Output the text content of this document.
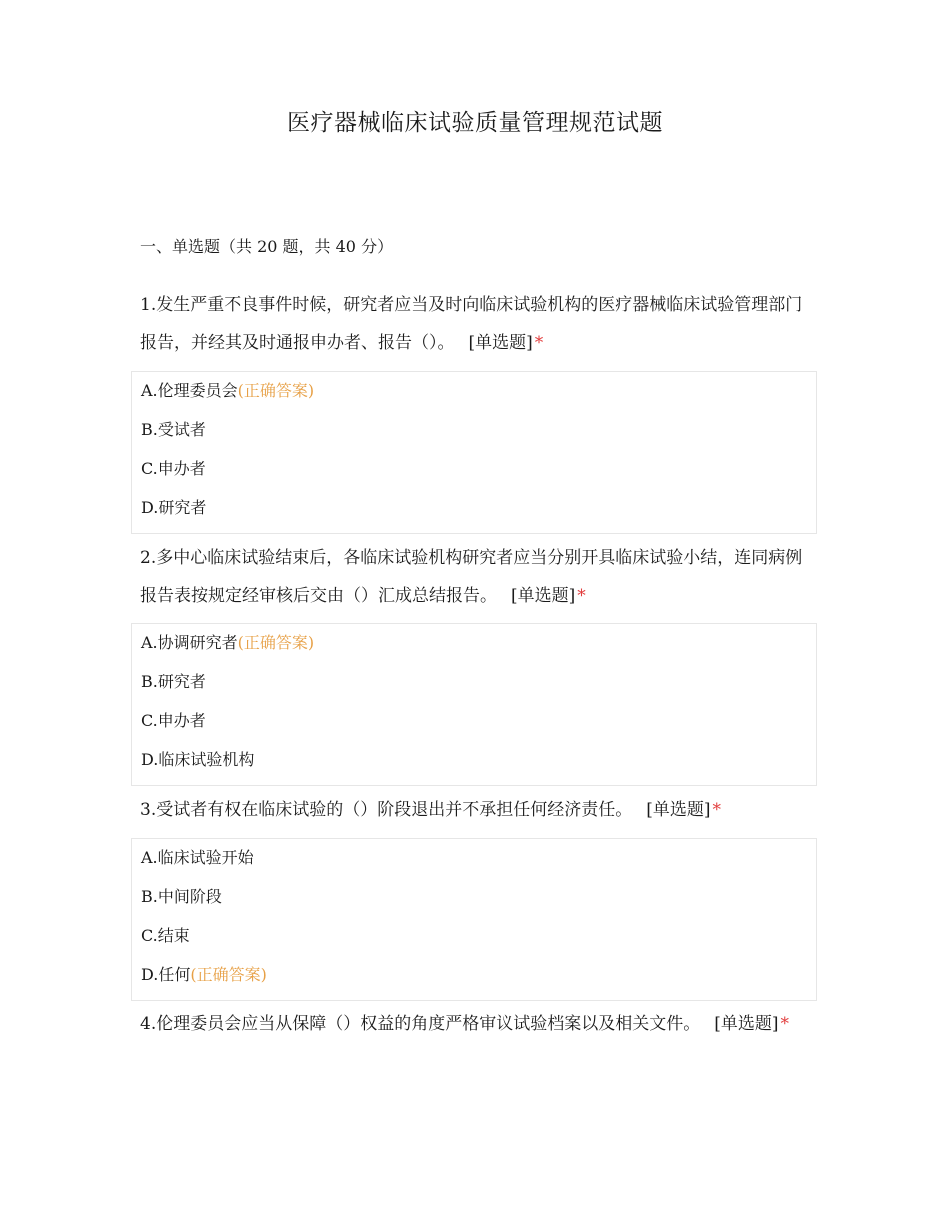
医疗器械临床试验质量管理规范试题
一、单选题（共 20 题，共 40 分）
1.发生严重不良事件时候，研究者应当及时向临床试验机构的医疗器械临床试验管理部门报告，并经其及时通报申办者、报告（）。 [单选题] *
A.伦理委员会(正确答案)
B.受试者
C.申办者
D.研究者
2.多中心临床试验结束后，各临床试验机构研究者应当分别开具临床试验小结，连同病例报告表按规定经审核后交由（）汇成总结报告。 [单选题] *
A.协调研究者(正确答案)
B.研究者
C.申办者
D.临床试验机构
3.受试者有权在临床试验的（）阶段退出并不承担任何经济责任。 [单选题] *
A.临床试验开始
B.中间阶段
C.结束
D.任何(正确答案)
4.伦理委员会应当从保障（）权益的角度严格审议试验档案以及相关文件。 [单选题] *
